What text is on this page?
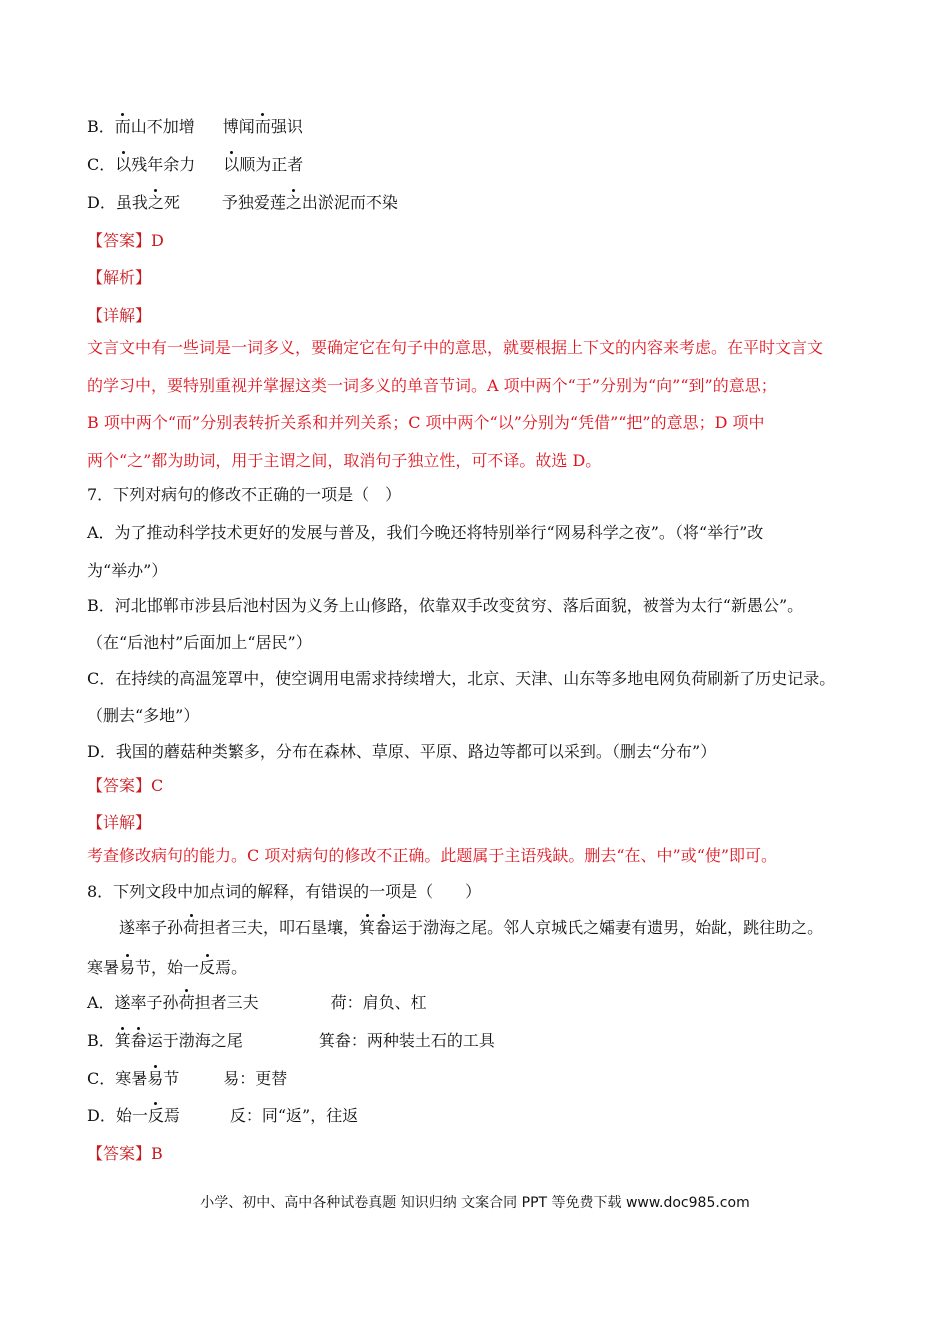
B．而山不加增 博闻而强识
C．以残年余力 以顺为正者
D．虽我之死	予独爱莲之出淤泥而不染
【答案】D
【解析】
【详解】
文言文中有一些词是一词多义，要确定它在句子中的意思，就要根据上下文的内容来考虑。在平时文言文
的学习中，要特别重视并掌握这类一词多义的单音节词。A 项中两个“于”分别为“向”“到”的意思；
B 项中两个“而”分别表转折关系和并列关系；C 项中两个“以”分别为“凭借”“把”的意思；D 项中
两个“之”都为助词，用于主谓之间，取消句子独立性，可不译。故选 D。
7．下列对病句的修改不正确的一项是（　）
A．为了推动科学技术更好的发展与普及，我们今晚还将特别举行“网易科学之夜”。（将“举行”改
为“举办”）
B．河北邯郸市涉县后池村因为义务上山修路，依靠双手改变贫穷、落后面貌，被誉为太行“新愚公”。
（在“后池村”后面加上“居民”）
C．在持续的高温笼罩中，使空调用电需求持续增大，北京、天津、山东等多地电网负荷刷新了历史记录。
（删去“多地”）
D．我国的蘑菇种类繁多，分布在森林、草原、平原、路边等都可以采到。（删去“分布”）
【答案】C
【详解】
考查修改病句的能力。C 项对病句的修改不正确。此题属于主语残缺。删去“在、中”或“使”即可。
8．下列文段中加点词的解释，有错误的一项是（　　）
遂率子孙荷担者三夫，叩石垦壤，箕畚运于渤海之尾。邻人京城氏之孀妻有遗男，始龀，跳往助之。
寒暑易节，始一反焉。
A．遂率子孙荷担者三夫	荷：肩负、杠
B．箕畚运于渤海之尾	箕畚：两种装土石的工具
C．寒暑易节	易：更替
D．始一反焉	反：同“返”，往返
【答案】B
小学、初中、高中各种试卷真题 知识归纳 文案合同 PPT 等免费下载 www.doc985.com
